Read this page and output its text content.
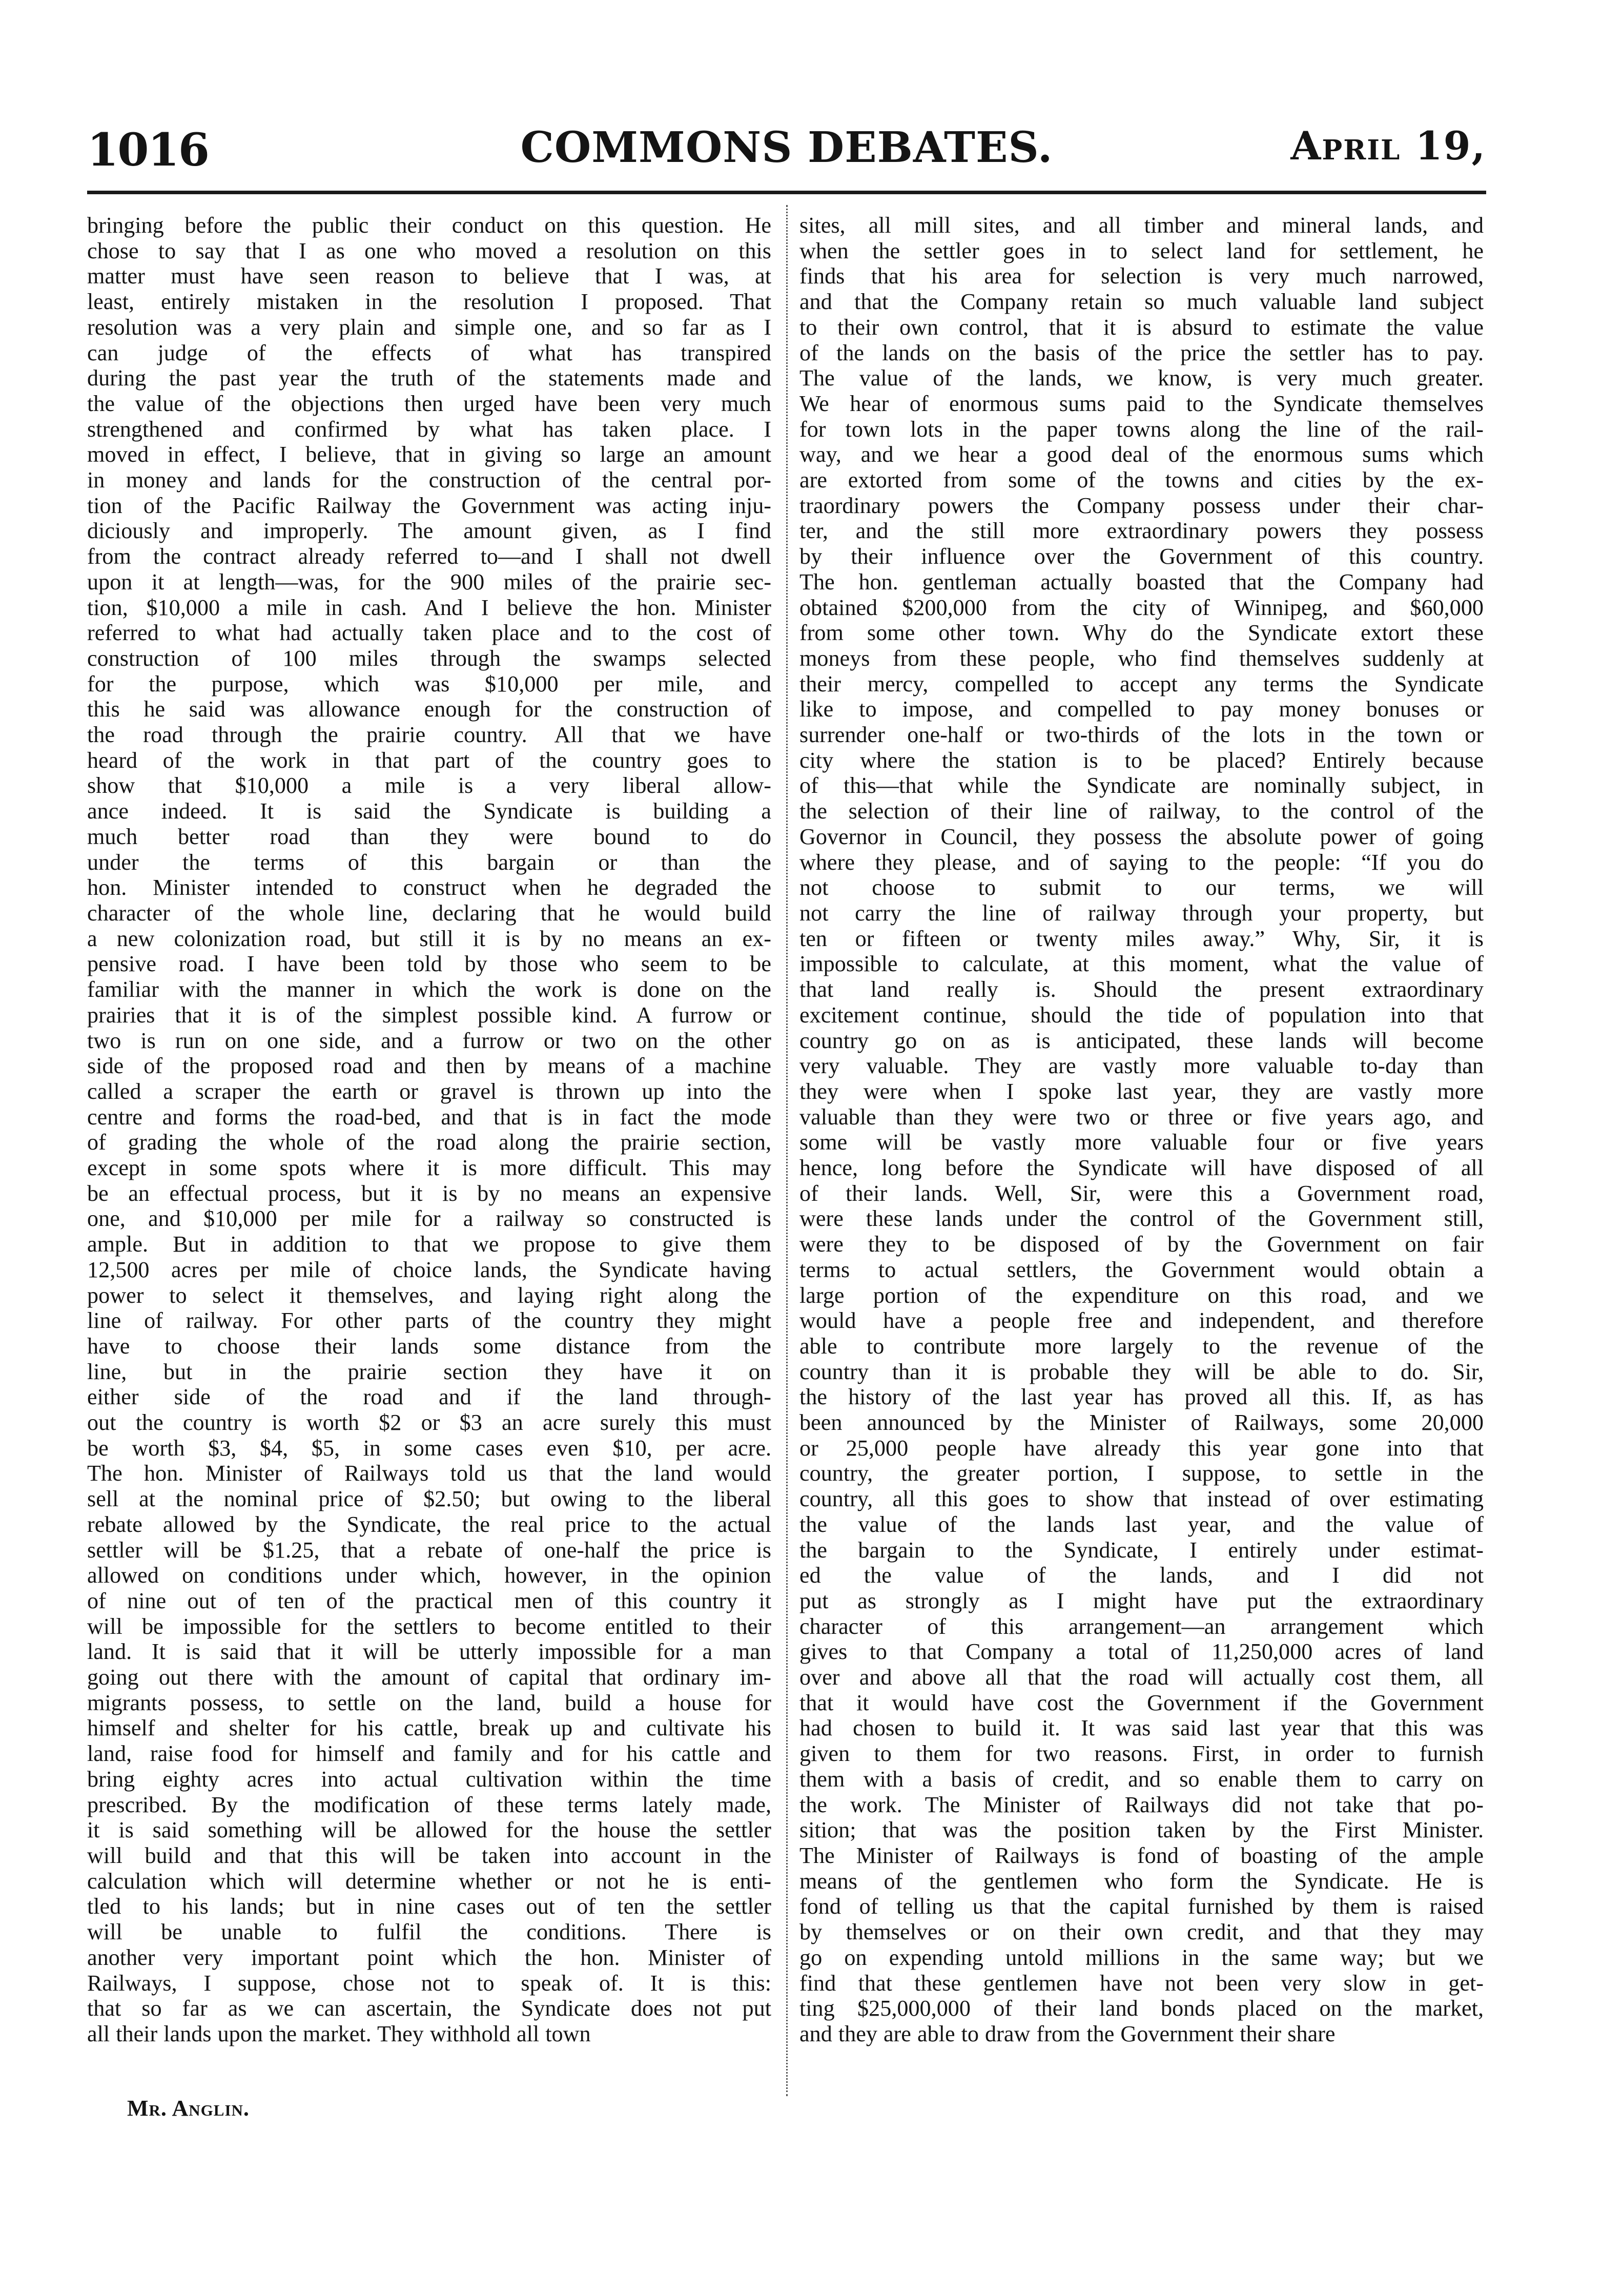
1016	COMMONS DEBATES.	April 19,
bringing before the public their conduct on this question. He
chose to say that I as one who moved a resolution on this
matter must have seen reason to believe that I was, at
least, entirely mistaken in the resolution I proposed. That
resolution was a very plain and simple one, and so far as I
can judge of the effects of what has transpired
during the past year the truth of the statements made and
the value of the objections then urged have been very much
strengthened and confirmed by what has taken place. I
moved in effect, I believe, that in giving so large an amount
in money and lands for the construction of the central por-
tion of the Pacific Railway the Government was acting inju-
diciously and improperly. The amount given, as I find
from the contract already referred to—and I shall not dwell
upon it at length—was, for the 900 miles of the prairie sec-
tion, $10,000 a mile in cash. And I believe the hon. Minister
referred to what had actually taken place and to the cost of
construction of 100 miles through the swamps selected
for the purpose, which was $10,000 per mile, and
this he said was allowance enough for the construction of
the road through the prairie country. All that we have
heard of the work in that part of the country goes to
show that $10,000 a mile is a very liberal allow-
ance indeed. It is said the Syndicate is building a
much better road than they were bound to do
under the terms of this bargain or than the
hon. Minister intended to construct when he degraded the
character of the whole line, declaring that he would build
a new colonization road, but still it is by no means an ex-
pensive road. I have been told by those who seem to be
familiar with the manner in which the work is done on the
prairies that it is of the simplest possible kind. A furrow or
two is run on one side, and a furrow or two on the other
side of the proposed road and then by means of a machine
called a scraper the earth or gravel is thrown up into the
centre and forms the road-bed, and that is in fact the mode
of grading the whole of the road along the prairie section,
except in some spots where it is more difficult. This may
be an effectual process, but it is by no means an expensive
one, and $10,000 per mile for a railway so constructed is
ample. But in addition to that we propose to give them
12,500 acres per mile of choice lands, the Syndicate having
power to select it themselves, and laying right along the
line of railway. For other parts of the country they might
have to choose their lands some distance from the
line, but in the prairie section they have it on
either side of the road and if the land through-
out the country is worth $2 or $3 an acre surely this must
be worth $3, $4, $5, in some cases even $10, per acre.
The hon. Minister of Railways told us that the land would
sell at the nominal price of $2.50; but owing to the liberal
rebate allowed by the Syndicate, the real price to the actual
settler will be $1.25, that a rebate of one-half the price is
allowed on conditions under which, however, in the opinion
of nine out of ten of the practical men of this country it
will be impossible for the settlers to become entitled to their
land. It is said that it will be utterly impossible for a man
going out there with the amount of capital that ordinary im-
migrants possess, to settle on the land, build a house for
himself and shelter for his cattle, break up and cultivate his
land, raise food for himself and family and for his cattle and
bring eighty acres into actual cultivation within the time
prescribed. By the modification of these terms lately made,
it is said something will be allowed for the house the settler
will build and that this will be taken into account in the
calculation which will determine whether or not he is enti-
tled to his lands; but in nine cases out of ten the settler
will be unable to fulfil the conditions. There is
another very important point which the hon. Minister of
Railways, I suppose, chose not to speak of. It is this:
that so far as we can ascertain, the Syndicate does not put
all their lands upon the market. They withhold all town
sites, all mill sites, and all timber and mineral lands, and
when the settler goes in to select land for settlement, he
finds that his area for selection is very much narrowed,
and that the Company retain so much valuable land subject
to their own control, that it is absurd to estimate the value
of the lands on the basis of the price the settler has to pay.
The value of the lands, we know, is very much greater.
We hear of enormous sums paid to the Syndicate themselves
for town lots in the paper towns along the line of the rail-
way, and we hear a good deal of the enormous sums which
are extorted from some of the towns and cities by the ex-
traordinary powers the Company possess under their char-
ter, and the still more extraordinary powers they possess
by their influence over the Government of this country.
The hon. gentleman actually boasted that the Company had
obtained $200,000 from the city of Winnipeg, and $60,000
from some other town. Why do the Syndicate extort these
moneys from these people, who find themselves suddenly at
their mercy, compelled to accept any terms the Syndicate
like to impose, and compelled to pay money bonuses or
surrender one-half or two-thirds of the lots in the town or
city where the station is to be placed? Entirely because
of this—that while the Syndicate are nominally subject, in
the selection of their line of railway, to the control of the
Governor in Council, they possess the absolute power of going
where they please, and of saying to the people: “If you do
not choose to submit to our terms, we will
not carry the line of railway through your property, but
ten or fifteen or twenty miles away.” Why, Sir, it is
impossible to calculate, at this moment, what the value of
that land really is. Should the present extraordinary
excitement continue, should the tide of population into that
country go on as is anticipated, these lands will become
very valuable. They are vastly more valuable to-day than
they were when I spoke last year, they are vastly more
valuable than they were two or three or five years ago, and
some will be vastly more valuable four or five years
hence, long before the Syndicate will have disposed of all
of their lands. Well, Sir, were this a Government road,
were these lands under the control of the Government still,
were they to be disposed of by the Government on fair
terms to actual settlers, the Government would obtain a
large portion of the expenditure on this road, and we
would have a people free and independent, and therefore
able to contribute more largely to the revenue of the
country than it is probable they will be able to do. Sir,
the history of the last year has proved all this. If, as has
been announced by the Minister of Railways, some 20,000
or 25,000 people have already this year gone into that
country, the greater portion, I suppose, to settle in the
country, all this goes to show that instead of over estimating
the value of the lands last year, and the value of
the bargain to the Syndicate, I entirely under estimat-
ed the value of the lands, and I did not
put as strongly as I might have put the extraordinary
character of this arrangement—an arrangement which
gives to that Company a total of 11,250,000 acres of land
over and above all that the road will actually cost them, all
that it would have cost the Government if the Government
had chosen to build it. It was said last year that this was
given to them for two reasons. First, in order to furnish
them with a basis of credit, and so enable them to carry on
the work. The Minister of Railways did not take that po-
sition; that was the position taken by the First Minister.
The Minister of Railways is fond of boasting of the ample
means of the gentlemen who form the Syndicate. He is
fond of telling us that the capital furnished by them is raised
by themselves or on their own credit, and that they may
go on expending untold millions in the same way; but we
find that these gentlemen have not been very slow in get-
ting $25,000,000 of their land bonds placed on the market,
and they are able to draw from the Government their share
Mr. Anglin.
